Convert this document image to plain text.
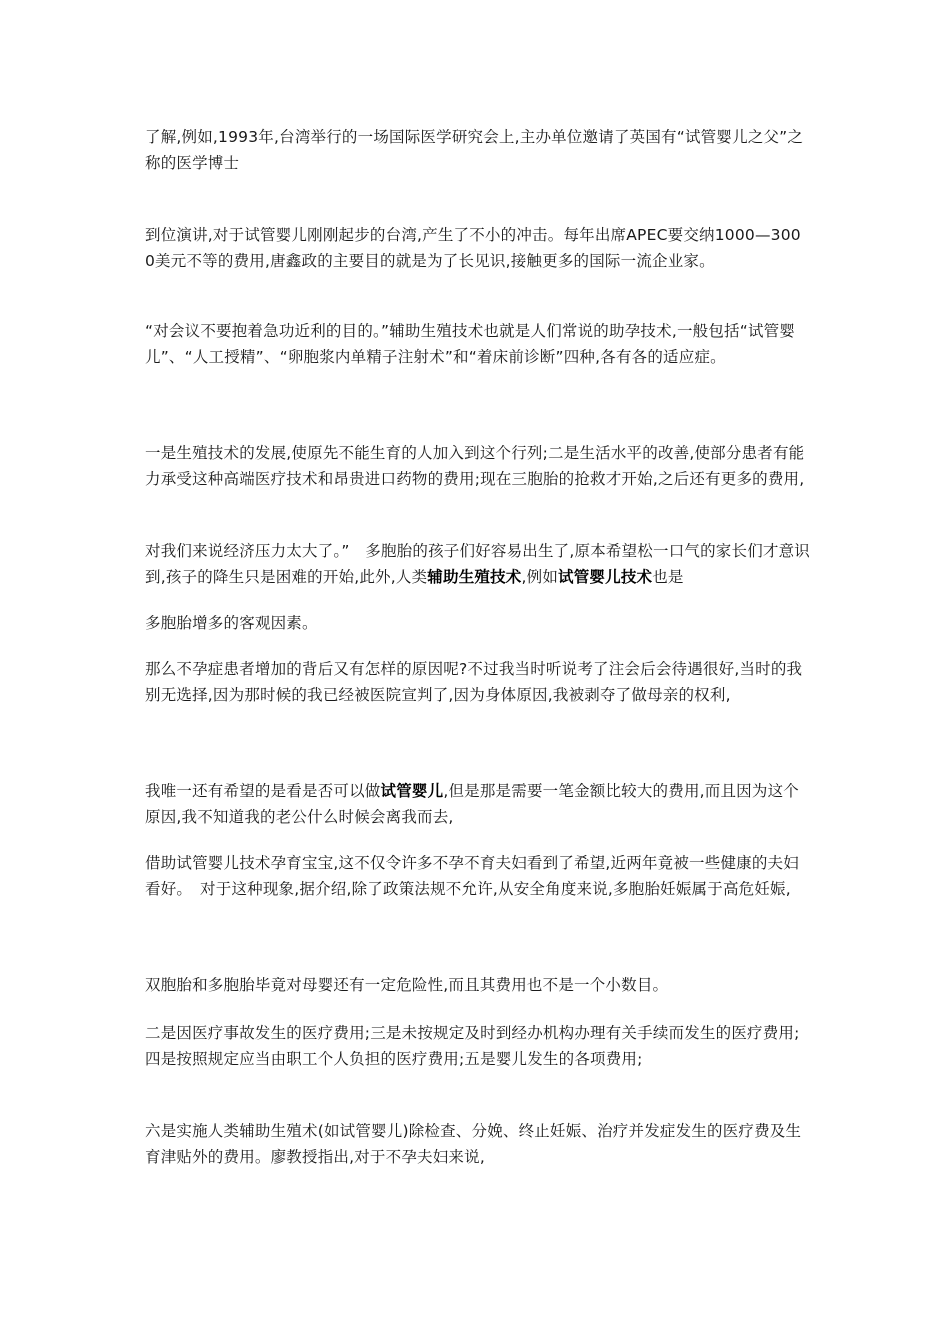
了解,例如,1993年,台湾举行的一场国际医学研究会上,主办单位邀请了英国有“试管婴儿之父”之称的医学博士

到位演讲,对于试管婴儿刚刚起步的台湾,产生了不小的冲击。每年出席APEC要交纳1000—3000美元不等的费用,唐鑫政的主要目的就是为了长见识,接触更多的国际一流企业家。

“对会议不要抱着急功近利的目的。”辅助生殖技术也就是人们常说的助孕技术,一般包括“试管婴儿”、“人工授精”、“卵胞浆内单精子注射术”和“着床前诊断”四种,各有各的适应症。

一是生殖技术的发展,使原先不能生育的人加入到这个行列;二是生活水平的改善,使部分患者有能力承受这种高端医疗技术和昂贵进口药物的费用;现在三胞胎的抢救才开始,之后还有更多的费用,

对我们来说经济压力太大了。”　多胞胎的孩子们好容易出生了,原本希望松一口气的家长们才意识到,孩子的降生只是困难的开始,此外,人类辅助生殖技术,例如试管婴儿技术也是

多胞胎增多的客观因素。

那么不孕症患者增加的背后又有怎样的原因呢?不过我当时听说考了注会后会待遇很好,当时的我别无选择,因为那时候的我已经被医院宣判了,因为身体原因,我被剥夺了做母亲的权利,

我唯一还有希望的是看是否可以做试管婴儿,但是那是需要一笔金额比较大的费用,而且因为这个原因,我不知道我的老公什么时候会离我而去,

借助试管婴儿技术孕育宝宝,这不仅令许多不孕不育夫妇看到了希望,近两年竟被一些健康的夫妇看好。　对于这种现象,据介绍,除了政策法规不允许,从安全角度来说,多胞胎妊娠属于高危妊娠,

双胞胎和多胞胎毕竟对母婴还有一定危险性,而且其费用也不是一个小数目。

二是因医疗事故发生的医疗费用;三是未按规定及时到经办机构办理有关手续而发生的医疗费用;四是按照规定应当由职工个人负担的医疗费用;五是婴儿发生的各项费用;

六是实施人类辅助生殖术(如试管婴儿)除检查、分娩、终止妊娠、治疗并发症发生的医疗费及生育津贴外的费用。廖教授指出,对于不孕夫妇来说,
